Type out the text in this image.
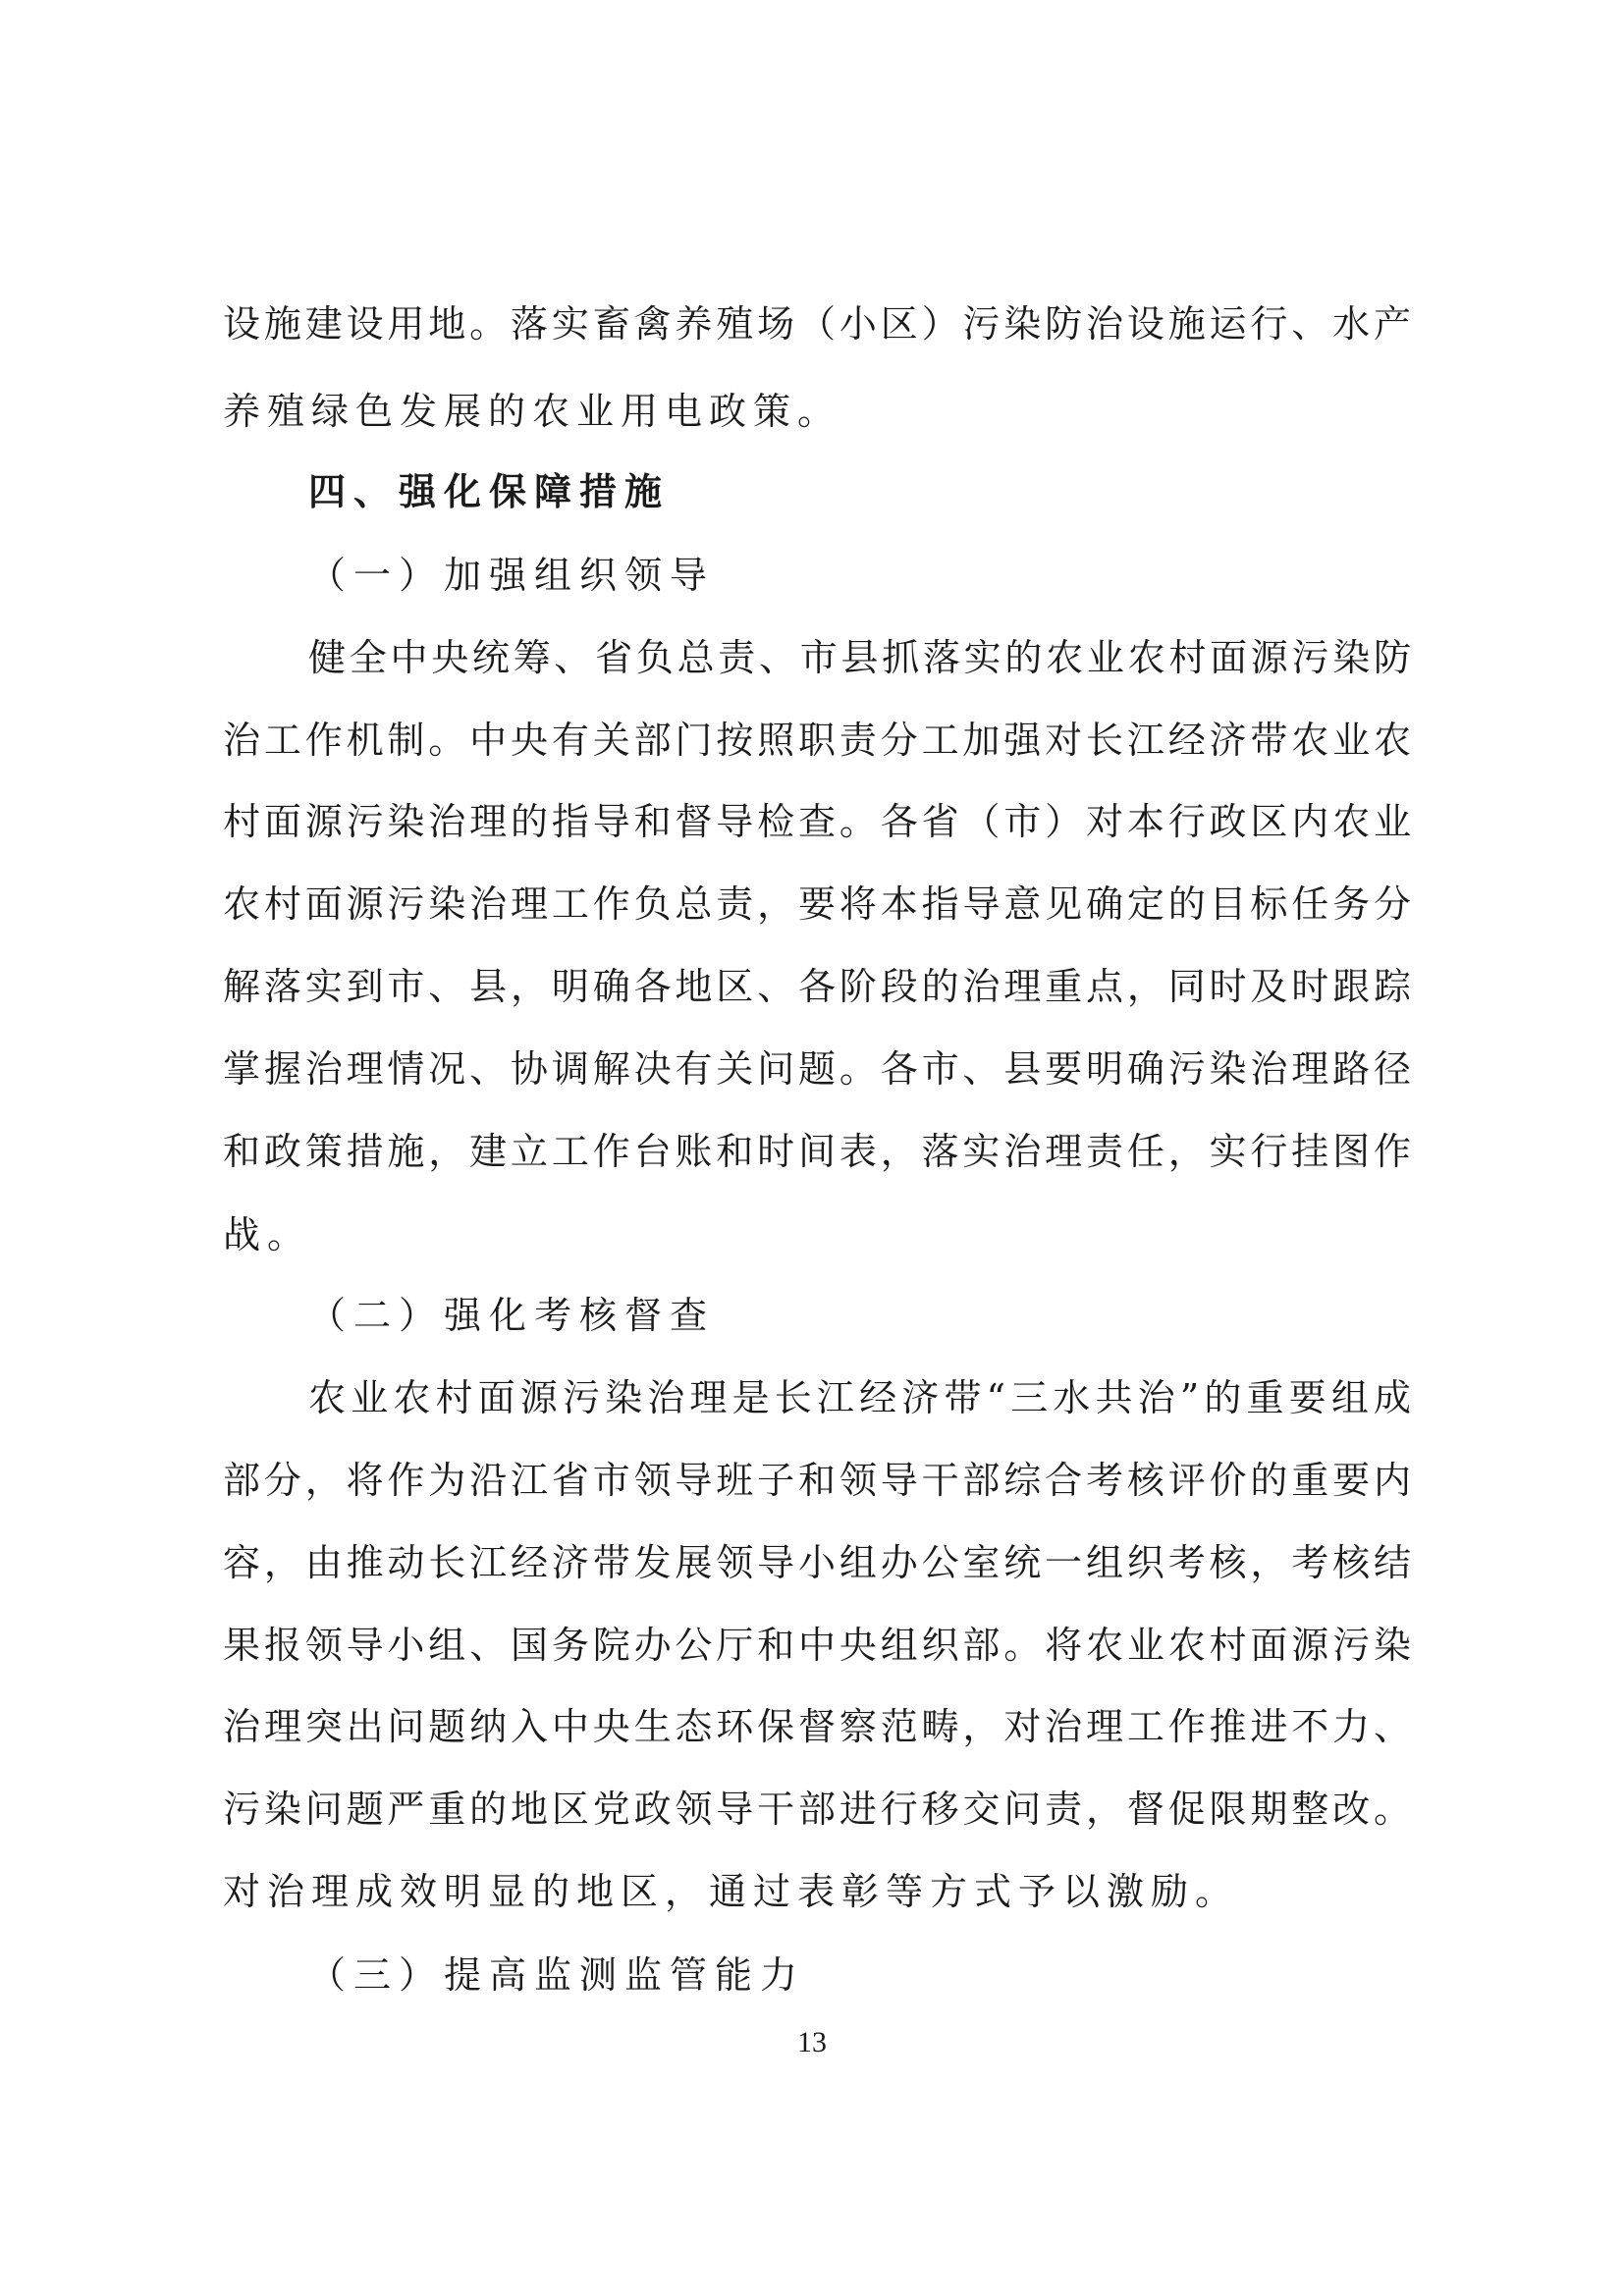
设施建设用地。落实畜禽养殖场（小区）污染防治设施运行、水产
养殖绿色发展的农业用电政策。
四、强化保障措施
（一）加强组织领导
健全中央统筹、省负总责、市县抓落实的农业农村面源污染防
治工作机制。中央有关部门按照职责分工加强对长江经济带农业农
村面源污染治理的指导和督导检查。各省（市）对本行政区内农业
农村面源污染治理工作负总责，要将本指导意见确定的目标任务分
解落实到市、县，明确各地区、各阶段的治理重点，同时及时跟踪
掌握治理情况、协调解决有关问题。各市、县要明确污染治理路径
和政策措施，建立工作台账和时间表，落实治理责任，实行挂图作
战。
（二）强化考核督查
农业农村面源污染治理是长江经济带“三水共治”的重要组成
部分，将作为沿江省市领导班子和领导干部综合考核评价的重要内
容，由推动长江经济带发展领导小组办公室统一组织考核，考核结
果报领导小组、国务院办公厅和中央组织部。将农业农村面源污染
治理突出问题纳入中央生态环保督察范畴，对治理工作推进不力、
污染问题严重的地区党政领导干部进行移交问责，督促限期整改。
对治理成效明显的地区，通过表彰等方式予以激励。
（三）提高监测监管能力
13
